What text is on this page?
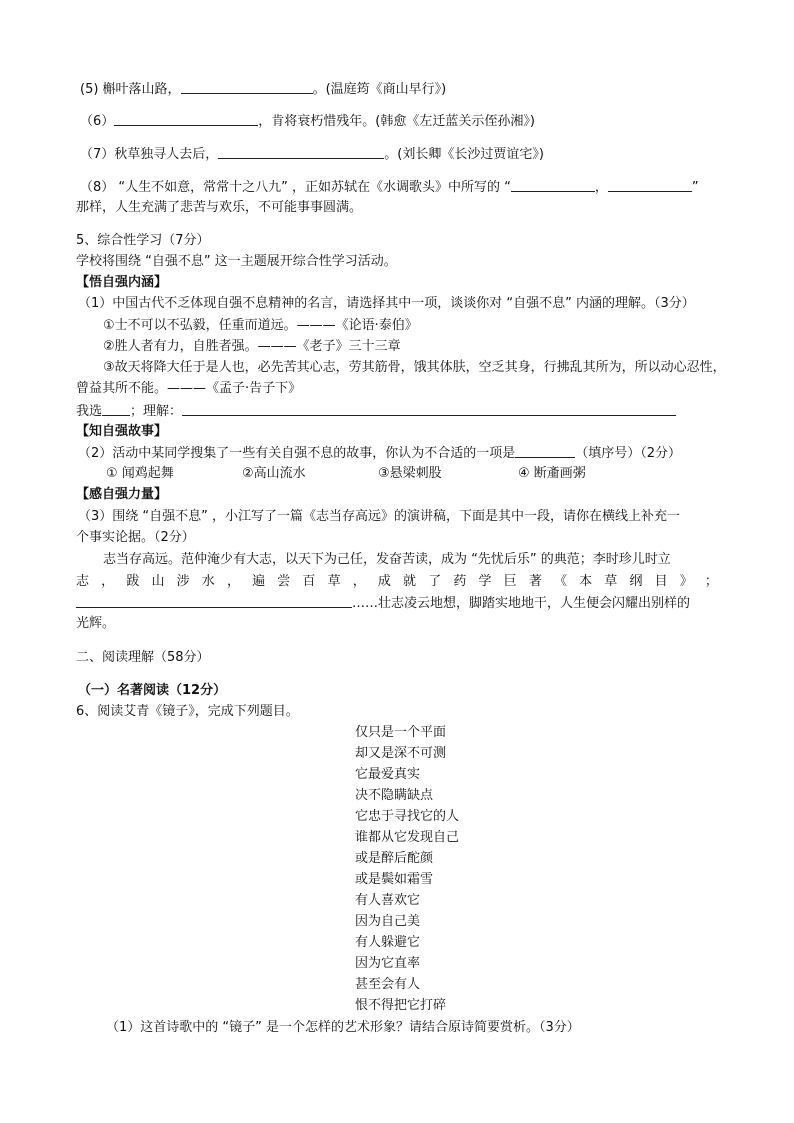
(5) 槲叶落山路，	。(温庭筠《商山早行》)
（6）	，肯将衰朽惜残年。(韩愈《左迁蓝关示侄孙湘》)
（7）秋草独寻人去后，	。(刘长卿《长沙过贾谊宅》)
（8） “人生不如意，常常十之八九” ，正如苏轼在《水调歌头》中所写的 “	，	”
那样，人生充满了悲苦与欢乐，不可能事事圆满。
5、综合性学习（7分）
学校将围绕 “自强不息” 这一主题展开综合性学习活动。
【悟自强内涵】
（1）中国古代不乏体现自强不息精神的名言，请选择其中一项，谈谈你对 “自强不息” 内涵的理解。（3分）
①士不可以不弘毅，任重而道远。———《论语·泰伯》
②胜人者有力，自胜者强。———《老子》三十三章
③故天将降大任于是人也，必先苦其心志，劳其筋骨，饿其体肤，空乏其身，行拂乱其所为，所以动心忍性，
曾益其所不能。———《孟子·告子下》
我选 ；理解：
【知自强故事】
（2）活动中某同学搜集了一些有关自强不息的故事，你认为不合适的一项是	（填序号）（2分）
① 闻鸡起舞	②高山流水	③悬梁刺股	④ 断齑画粥
【感自强力量】
（3）围绕 “自强不息” ，小江写了一篇《志当存高远》的演讲稿，下面是其中一段，请你在横线上补充一
个事实论据。（2分）
志当存高远。范仲淹少有大志，以天下为己任，发奋苦读，成为 “先忧后乐” 的典范；李时珍儿时立
志 ， 跋 山 涉 水 ， 遍 尝 百 草 ， 成 就 了 药 学 巨 著 《 本 草 纲 目 》 ；
……壮志凌云地想，脚踏实地地干，人生便会闪耀出别样的
光辉。
二、阅读理解（58分）
（一）名著阅读（12分）
6、阅读艾青《镜子》，完成下列题目。
仅只是一个平面
却又是深不可测
它最爱真实
决不隐瞒缺点
它忠于寻找它的人
谁都从它发现自己
或是醉后酡颜
或是鬓如霜雪
有人喜欢它
因为自己美
有人躲避它
因为它直率
甚至会有人
恨不得把它打碎
（1）这首诗歌中的 “镜子” 是一个怎样的艺术形象？请结合原诗简要赏析。（3分）
